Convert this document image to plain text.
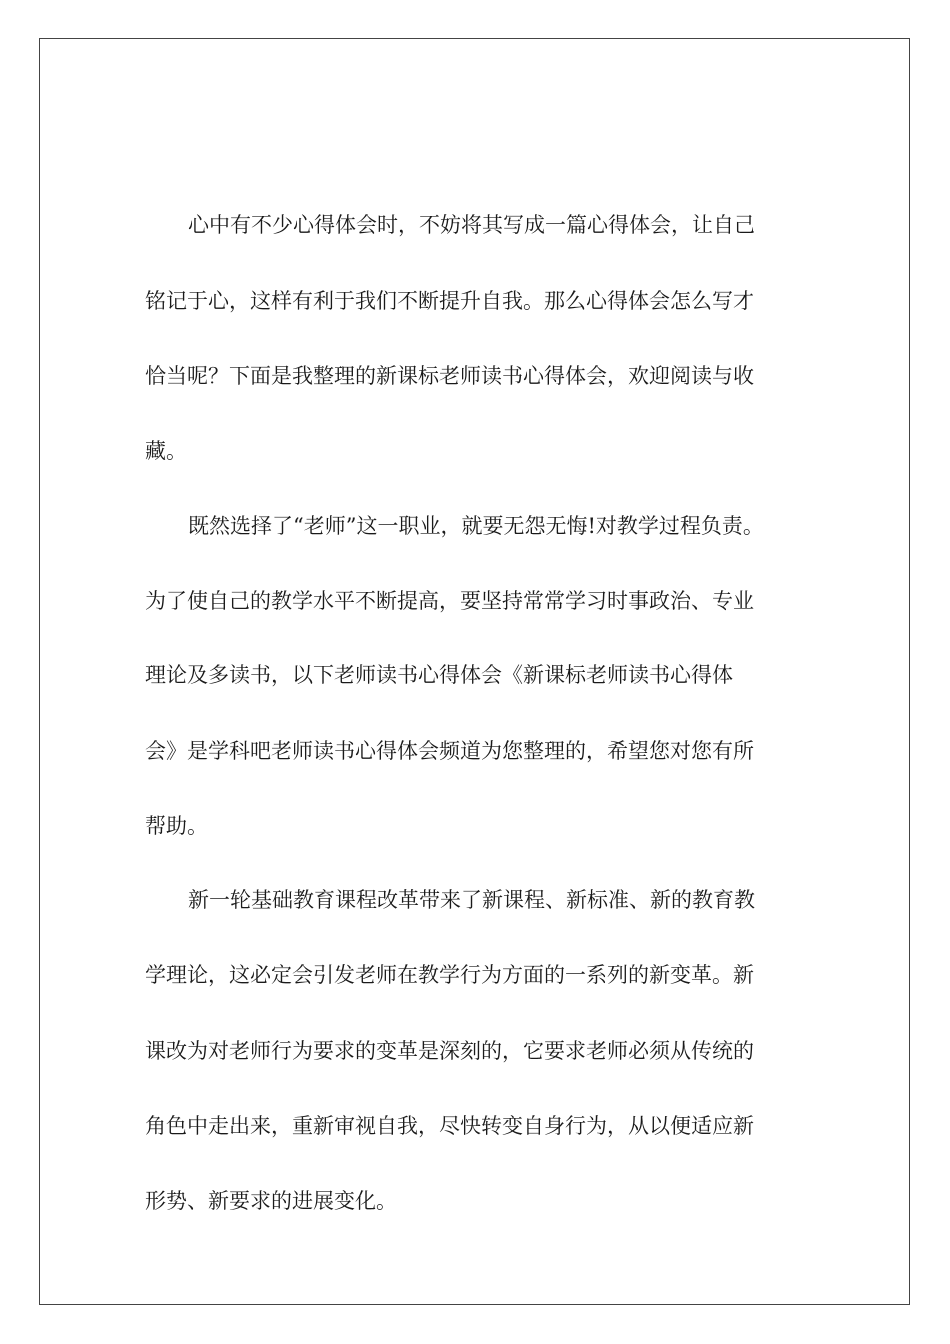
心中有不少心得体会时，不妨将其写成一篇心得体会，让自己

铭记于心，这样有利于我们不断提升自我。那么心得体会怎么写才

恰当呢？下面是我整理的新课标老师读书心得体会，欢迎阅读与收

藏。

既然选择了“老师”这一职业，就要无怨无悔!对教学过程负责。

为了使自己的教学水平不断提高，要坚持常常学习时事政治、专业

理论及多读书，以下老师读书心得体会《新课标老师读书心得体

会》是学科吧老师读书心得体会频道为您整理的，希望您对您有所

帮助。

新一轮基础教育课程改革带来了新课程、新标准、新的教育教

学理论，这必定会引发老师在教学行为方面的一系列的新变革。新

课改为对老师行为要求的变革是深刻的，它要求老师必须从传统的

角色中走出来，重新审视自我，尽快转变自身行为，从以便适应新

形势、新要求的进展变化。
